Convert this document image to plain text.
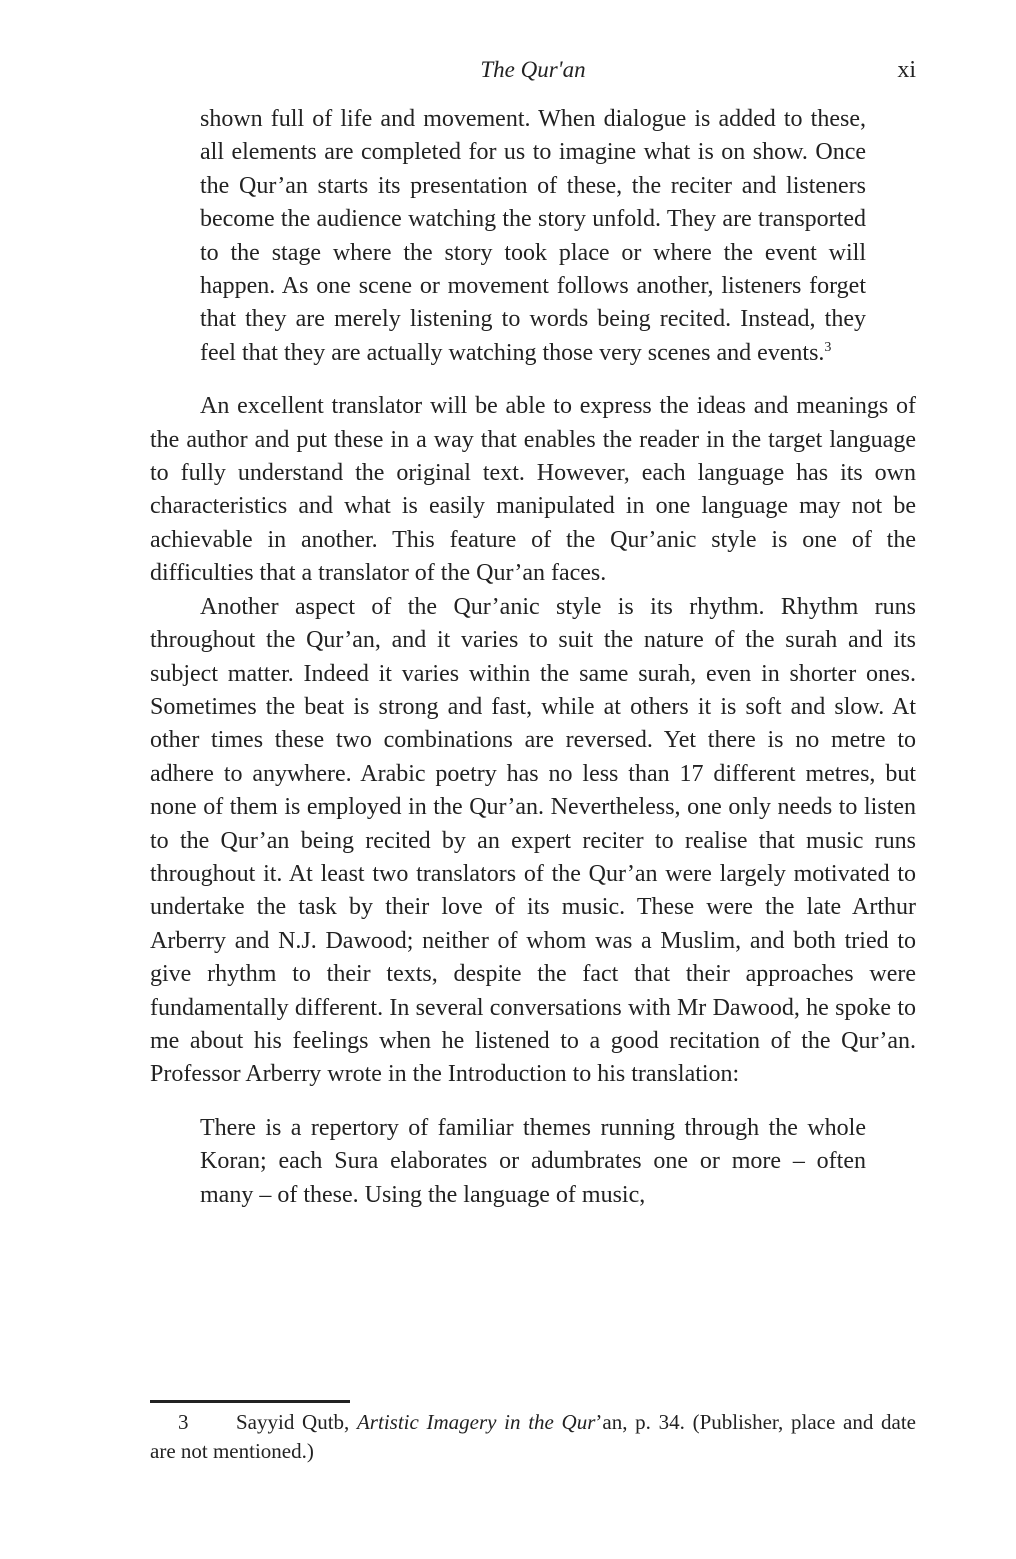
The Qur'an	xi

shown full of life and movement. When dialogue is added to these, all elements are completed for us to imagine what is on show. Once the Qur’an starts its presentation of these, the reciter and listeners become the audience watching the story unfold. They are transported to the stage where the story took place or where the event will happen. As one scene or movement follows another, listeners forget that they are merely listening to words being recited. Instead, they feel that they are actually watching those very scenes and events.$^3$

An excellent translator will be able to express the ideas and meanings of the author and put these in a way that enables the reader in the target language to fully understand the original text. However, each language has its own characteristics and what is easily manipulated in one language may not be achievable in another. This feature of the Qur’anic style is one of the difficulties that a translator of the Qur’an faces.

Another aspect of the Qur’anic style is its rhythm. Rhythm runs throughout the Qur’an, and it varies to suit the nature of the surah and its subject matter. Indeed it varies within the same surah, even in shorter ones. Sometimes the beat is strong and fast, while at others it is soft and slow. At other times these two combinations are reversed. Yet there is no metre to adhere to anywhere. Arabic poetry has no less than 17 different metres, but none of them is employed in the Qur’an. Nevertheless, one only needs to listen to the Qur’an being recited by an expert reciter to realise that music runs throughout it. At least two translators of the Qur’an were largely motivated to undertake the task by their love of its music. These were the late Arthur Arberry and N.J. Dawood; neither of whom was a Muslim, and both tried to give rhythm to their texts, despite the fact that their approaches were fundamentally different. In several conversations with Mr Dawood, he spoke to me about his feelings when he listened to a good recitation of the Qur’an. Professor Arberry wrote in the Introduction to his translation:

There is a repertory of familiar themes running through the whole Koran; each Sura elaborates or adumbrates one or more – often many – of these. Using the language of music,

3 Sayyid Qutb, Artistic Imagery in the Qur’an, p. 34. (Publisher, place and date are not mentioned.)
